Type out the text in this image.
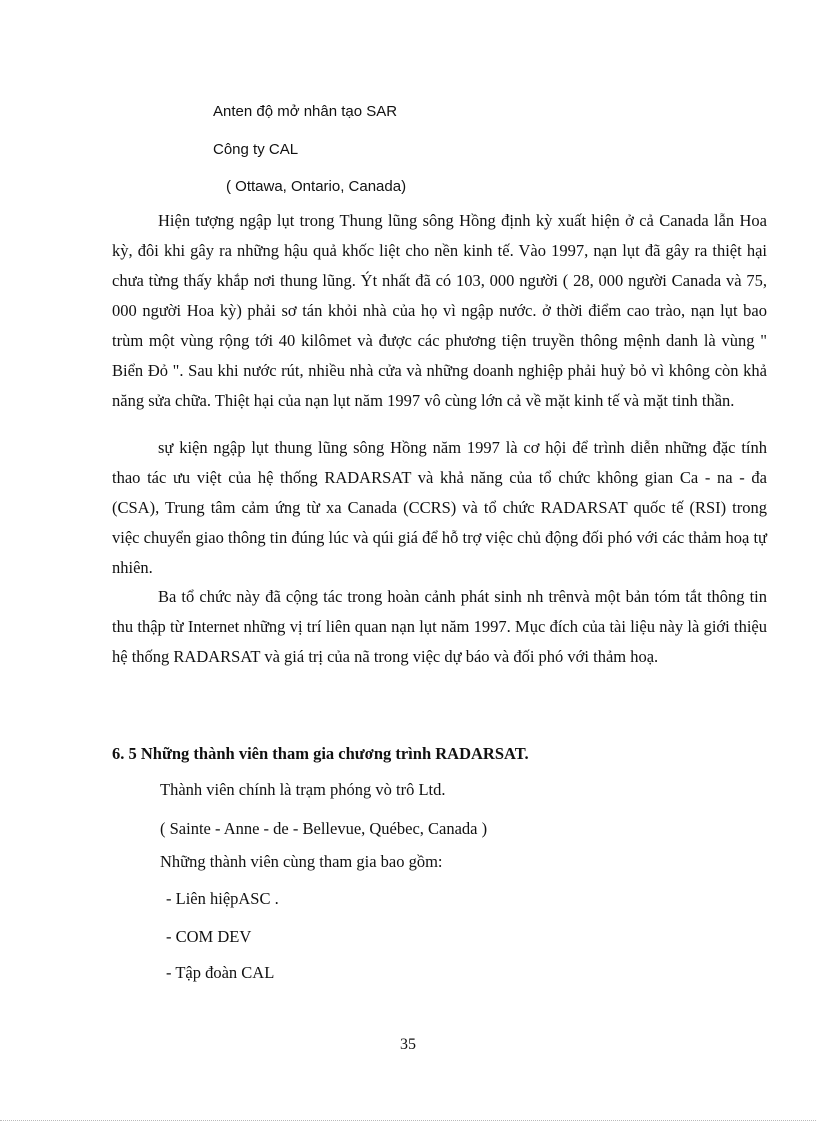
Anten độ mở nhân tạo SAR
Công ty CAL
( Ottawa, Ontario, Canada)

Hiện tượng ngập lụt trong Thung lũng sông Hồng định kỳ xuất hiện ở cả Canada lẫn Hoa kỳ, đôi khi gây ra những hậu quả khốc liệt cho nền kinh tế. Vào 1997, nạn lụt đã gây ra thiệt hại chưa từng thấy khắp nơi thung lũng. Ýt nhất đã có 103, 000 người ( 28, 000 người Canada và 75, 000 người Hoa kỳ) phải sơ tán khỏi nhà của họ vì ngập nước. ở thời điểm cao trào, nạn lụt bao trùm một vùng rộng tới 40 kilômet và được các phương tiện truyền thông mệnh danh là vùng " Biển Đỏ ". Sau khi nước rút, nhiều nhà cửa và những doanh nghiệp phải huỷ bỏ vì không còn khả năng sửa chữa. Thiệt hại của nạn lụt năm 1997 vô cùng lớn cả về mặt kinh tế và mặt tinh thần.

sự kiện ngập lụt thung lũng sông Hồng năm 1997 là cơ hội để trình diễn những đặc tính thao tác ưu việt của hệ thống RADARSAT và khả năng của tổ chức không gian Ca - na - đa (CSA), Trung tâm cảm ứng từ xa Canada (CCRS) và tổ chức RADARSAT quốc tế (RSI) trong việc chuyển giao thông tin đúng lúc và qúi giá để hỗ trợ việc chủ động đối phó với các thảm hoạ tự nhiên.

Ba tổ chức này đã cộng tác trong hoàn cảnh phát sinh nh trênvà một bản tóm tắt thông tin thu thập từ Internet những vị trí liên quan nạn lụt năm 1997. Mục đích của tài liệu này là giới thiệu hệ thống RADARSAT và giá trị của nã trong việc dự báo và đối phó với thảm hoạ.

6. 5 Những thành viên tham gia chương trình RADARSAT.
Thành viên chính là trạm phóng vò trô Ltd.
( Sainte - Anne - de - Bellevue, Québec, Canada )
Những thành viên cùng tham gia bao gồm:
- Liên hiệpASC .
- COM DEV
- Tập đoàn CAL
35
